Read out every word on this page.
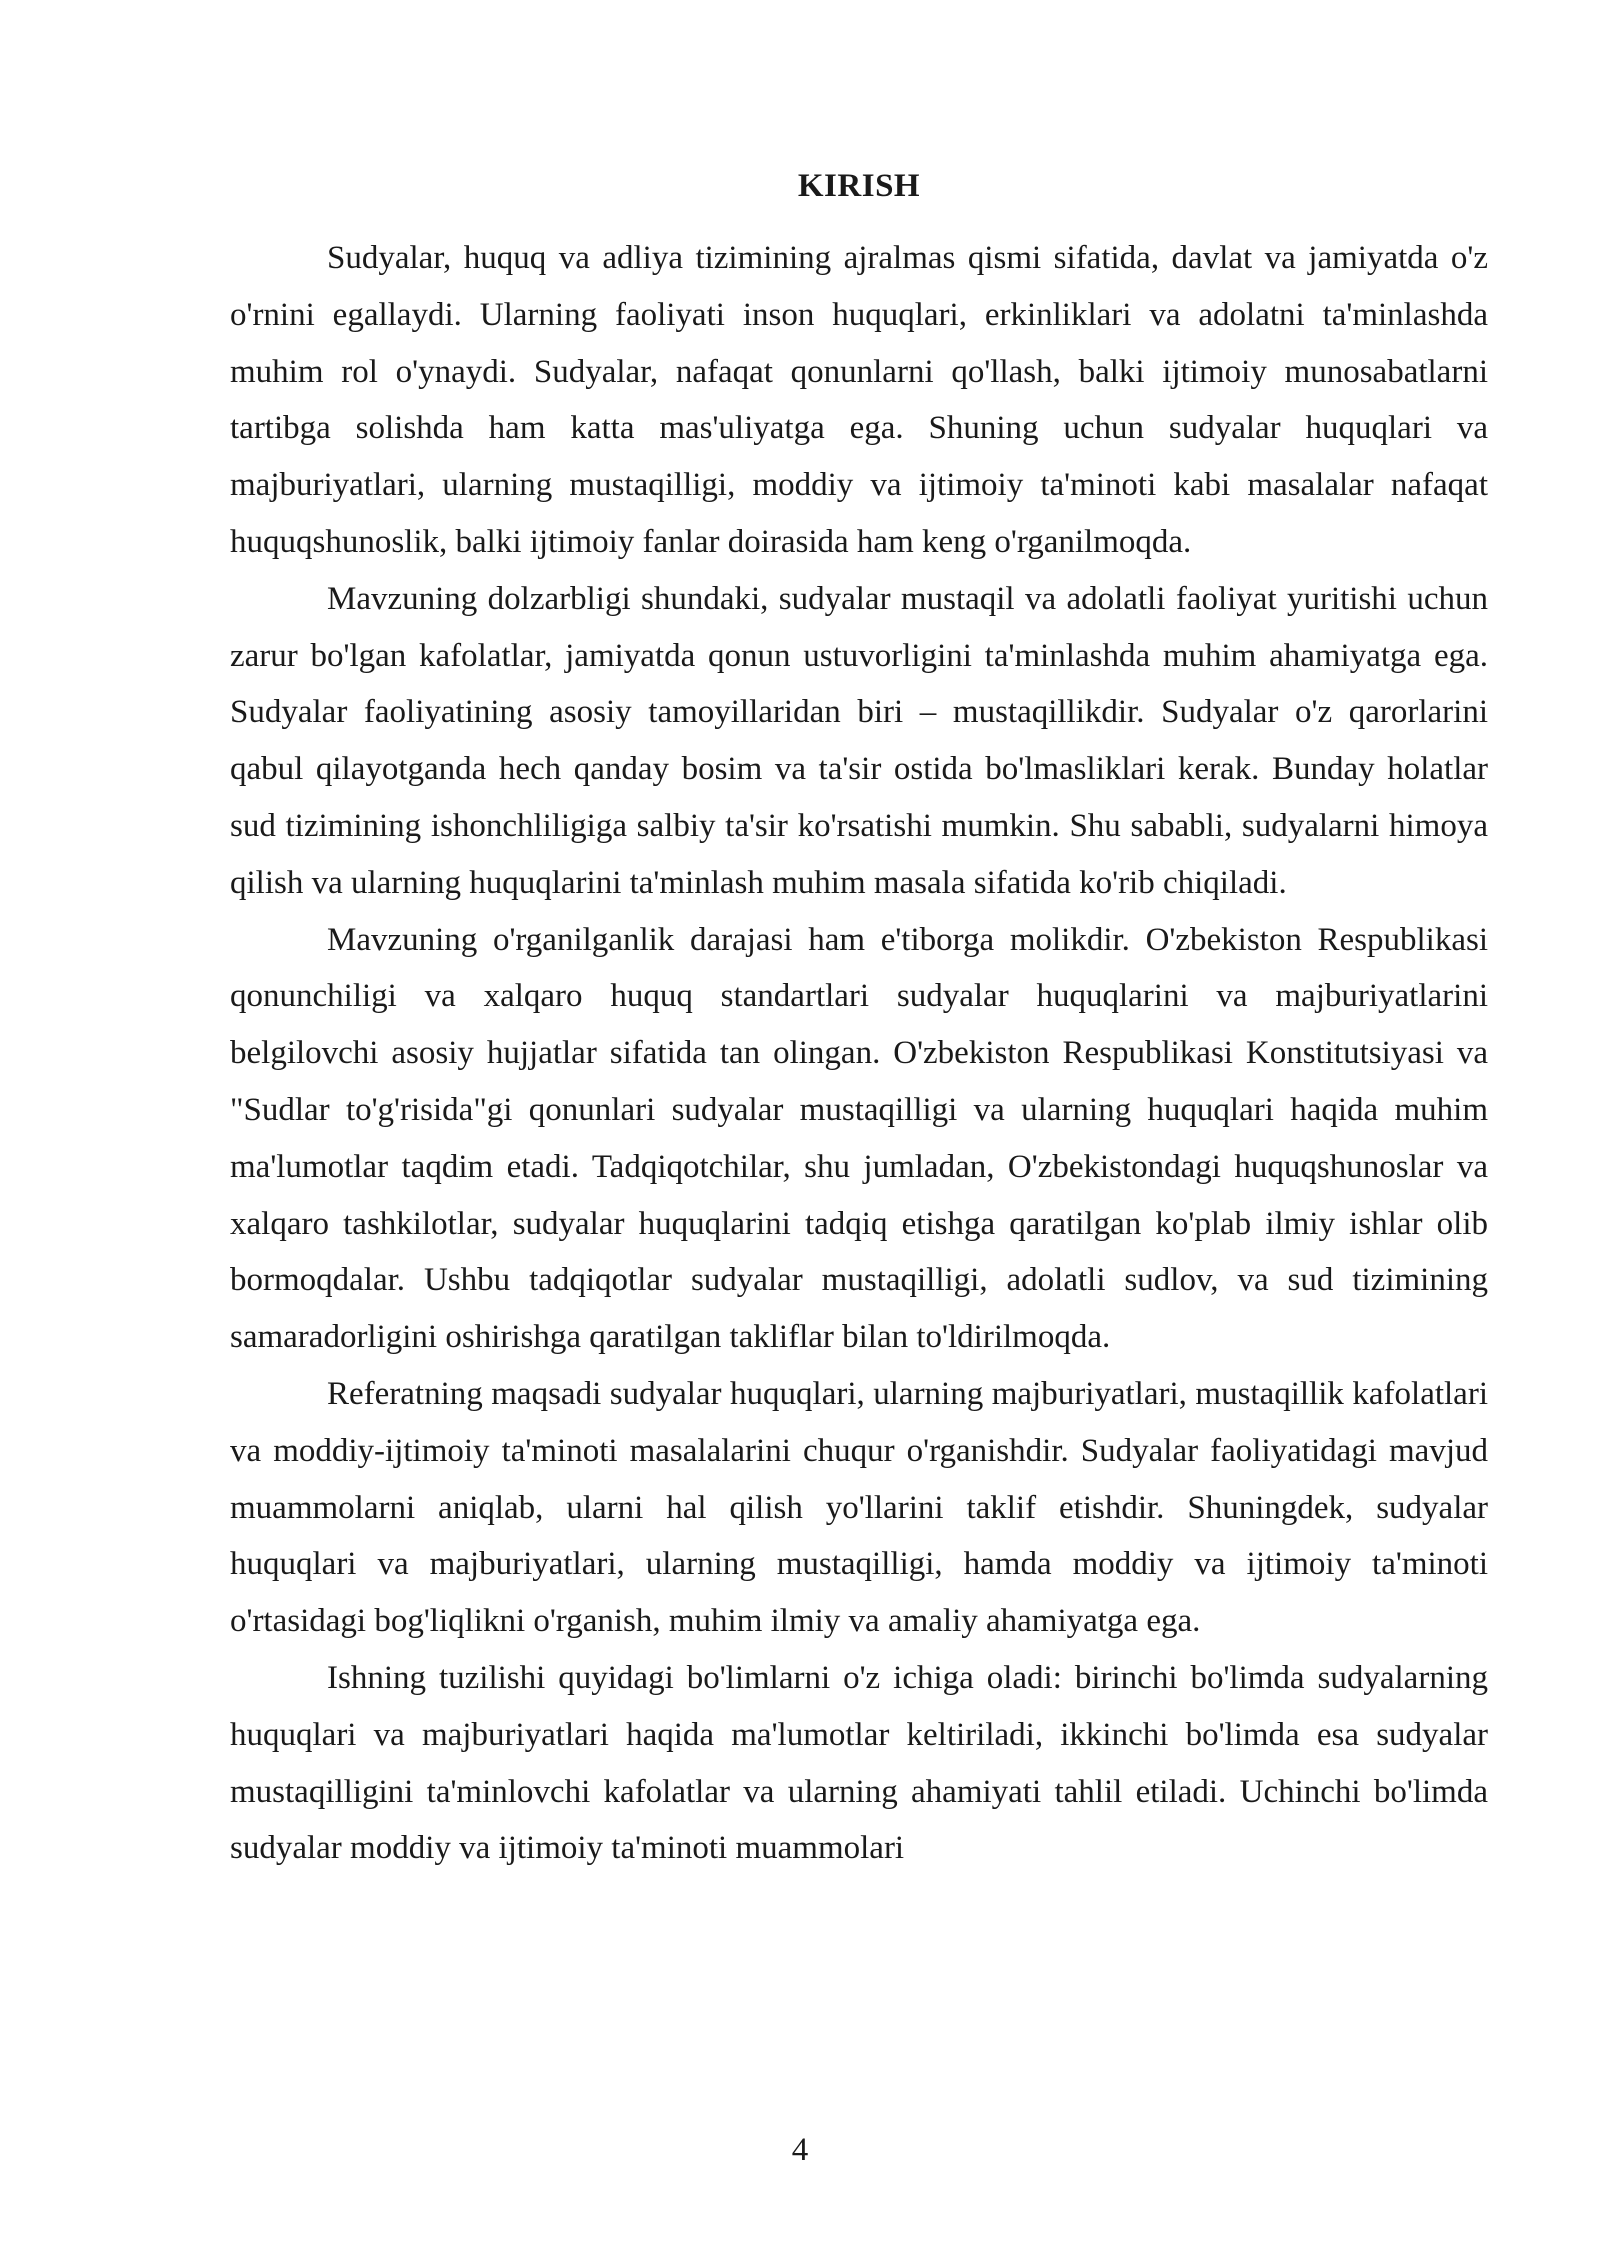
KIRISH

Sudyalar, huquq va adliya tizimining ajralmas qismi sifatida, davlat va jamiyatda o'z o'rnini egallaydi. Ularning faoliyati inson huquqlari, erkinliklari va adolatni ta'minlashda muhim rol o'ynaydi. Sudyalar, nafaqat qonunlarni qo'llash, balki ijtimoiy munosabatlarni tartibga solishda ham katta mas'uliyatga ega. Shuning uchun sudyalar huquqlari va majburiyatlari, ularning mustaqilligi, moddiy va ijtimoiy ta'minoti kabi masalalar nafaqat huquqshunoslik, balki ijtimoiy fanlar doirasida ham keng o'rganilmoqda.

Mavzuning dolzarbligi shundaki, sudyalar mustaqil va adolatli faoliyat yuritishi uchun zarur bo'lgan kafolatlar, jamiyatda qonun ustuvorligini ta'minlashda muhim ahamiyatga ega. Sudyalar faoliyatining asosiy tamoyillaridan biri – mustaqillikdir. Sudyalar o'z qarorlarini qabul qilayotganda hech qanday bosim va ta'sir ostida bo'lmasliklari kerak. Bunday holatlar sud tizimining ishonchliligiga salbiy ta'sir ko'rsatishi mumkin. Shu sababli, sudyalarni himoya qilish va ularning huquqlarini ta'minlash muhim masala sifatida ko'rib chiqiladi.

Mavzuning o'rganilganlik darajasi ham e'tiborga molikdir. O'zbekiston Respublikasi qonunchiligi va xalqaro huquq standartlari sudyalar huquqlarini va majburiyatlarini belgilovchi asosiy hujjatlar sifatida tan olingan. O'zbekiston Respublikasi Konstitutsiyasi va "Sudlar to'g'risida"gi qonunlari sudyalar mustaqilligi va ularning huquqlari haqida muhim ma'lumotlar taqdim etadi. Tadqiqotchilar, shu jumladan, O'zbekistondagi huquqshunoslar va xalqaro tashkilotlar, sudyalar huquqlarini tadqiq etishga qaratilgan ko'plab ilmiy ishlar olib bormoqdalar. Ushbu tadqiqotlar sudyalar mustaqilligi, adolatli sudlov, va sud tizimining samaradorligini oshirishga qaratilgan takliflar bilan to'ldirilmoqda.

Referatning maqsadi sudyalar huquqlari, ularning majburiyatlari, mustaqillik kafolatlari va moddiy-ijtimoiy ta'minoti masalalarini chuqur o'rganishdir. Sudyalar faoliyatidagi mavjud muammolarni aniqlab, ularni hal qilish yo'llarini taklif etishdir. Shuningdek, sudyalar huquqlari va majburiyatlari, ularning mustaqilligi, hamda moddiy va ijtimoiy ta'minoti o'rtasidagi bog'liqlikni o'rganish, muhim ilmiy va amaliy ahamiyatga ega.

Ishning tuzilishi quyidagi bo'limlarni o'z ichiga oladi: birinchi bo'limda sudyalarning huquqlari va majburiyatlari haqida ma'lumotlar keltiriladi, ikkinchi bo'limda esa sudyalar mustaqilligini ta'minlovchi kafolatlar va ularning ahamiyati tahlil etiladi. Uchinchi bo'limda sudyalar moddiy va ijtimoiy ta'minoti muammolari

4
